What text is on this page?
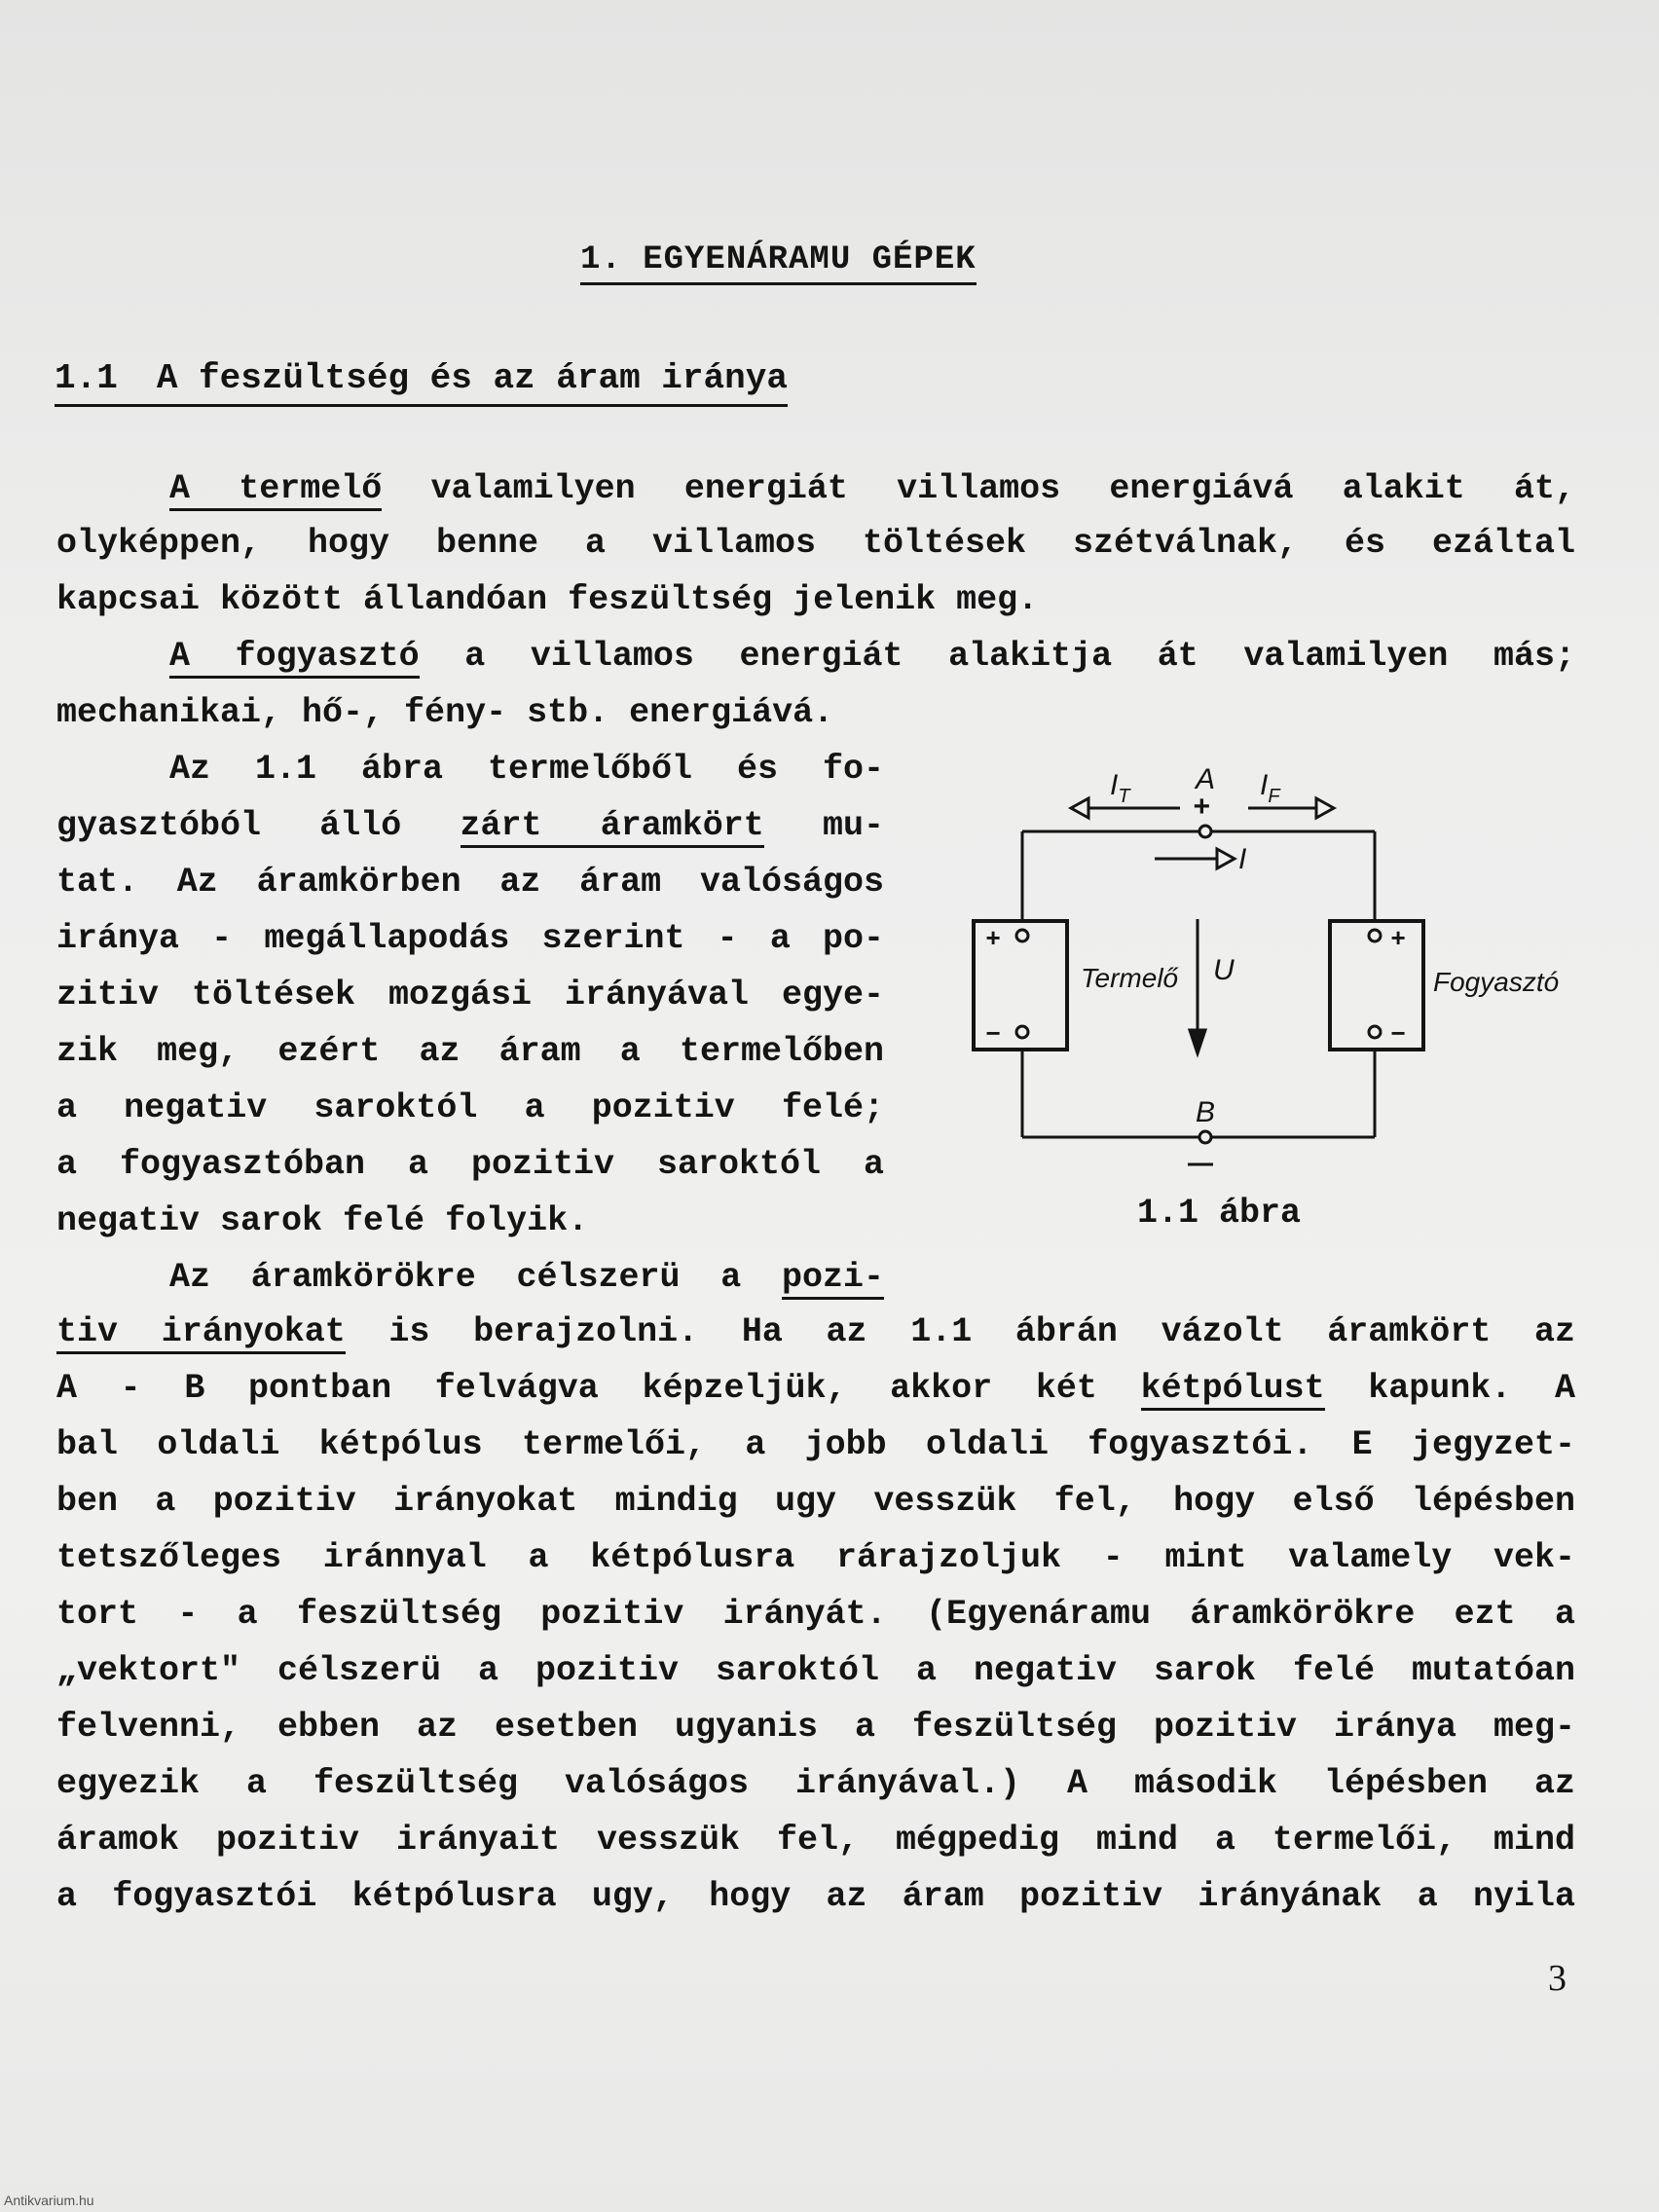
1. EGYENÁRAMU GÉPEK
1.1 A feszültség és az áram iránya
A termelő valamilyen energiát villamos energiává alakit át,
olyképpen, hogy benne a villamos töltések szétválnak, és ezáltal
kapcsai között állandóan feszültség jelenik meg.
A fogyasztó a villamos energiát alakitja át valamilyen más;
mechanikai, hő-, fény- stb. energiává.
Az 1.1 ábra termelőből és fo-
gyasztóból álló zárt áramkört mu-
tat. Az áramkörben az áram valóságos
iránya - megállapodás szerint - a po-
zitiv töltések mozgási irányával egye-
zik meg, ezért az áram a termelőben
a negativ saroktól a pozitiv felé;
a fogyasztóban a pozitiv saroktól a
negativ sarok felé folyik.
$I_T$
A
+
$I_F$
I
+
−
+
−
Termelő U	Fogyasztó
B
1.1 ábra
Az áramkörökre célszerü a pozi-
tiv irányokat is berajzolni. Ha az 1.1 ábrán vázolt áramkört az
A - B pontban felvágva képzeljük, akkor két kétpólust kapunk. A
bal oldali kétpólus termelői, a jobb oldali fogyasztói. E jegyzet-
ben a pozitiv irányokat mindig ugy vesszük fel, hogy első lépésben
tetszőleges iránnyal a kétpólusra rárajzoljuk - mint valamely vek-
tort - a feszültség pozitiv irányát. (Egyenáramu áramkörökre ezt a
„vektort" célszerü a pozitiv saroktól a negativ sarok felé mutatóan
felvenni, ebben az esetben ugyanis a feszültség pozitiv iránya meg-
egyezik a feszültség valóságos irányával.) A második lépésben az
áramok pozitiv irányait vesszük fel, mégpedig mind a termelői, mind
a fogyasztói kétpólusra ugy, hogy az áram pozitiv irányának a nyila
3
Antikvarium.hu
